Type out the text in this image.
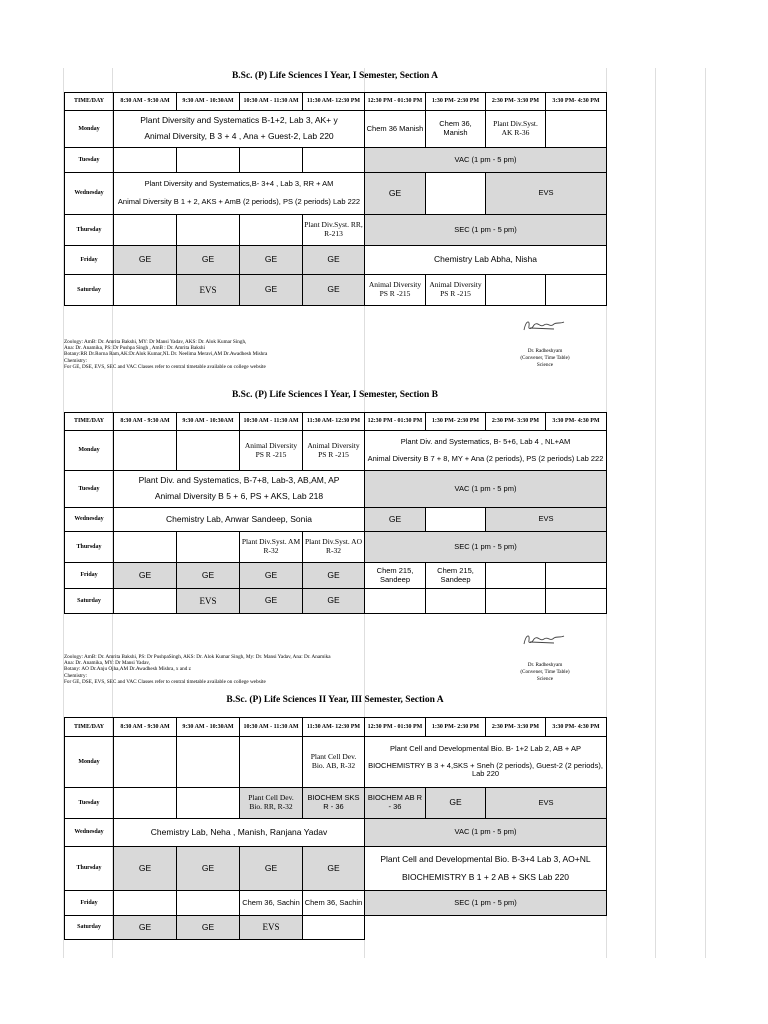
B.Sc. (P) Life Sciences I Year, I Semester, Section A
TIME/DAY	8:30 AM - 9:30 AM	9:30 AM - 10:30AM	10:30 AM - 11:30 AM	11:30 AM- 12:30 PM	12:30 PM - 01:30 PM	1:30 PM- 2:30 PM	2:30 PM- 3:30 PM	3:30 PM- 4:30 PM
Monday	Plant Diversity and Systematics B-1+2, Lab 3, AK+ y
Animal Diversity, B 3 + 4 , Ana + Guest-2, Lab 220				Chem 36 Manish	Chem 36, Manish	Plant Div.Syst. AK R-36	
Tuesday					VAC (1 pm - 5 pm)			
Wednesday	Plant Diversity and Systematics,B- 3+4 , Lab 3, RR + AM
Animal Diversity B 1 + 2, AKS + AmB (2 periods), PS (2 periods) Lab 222				GE		EVS	
Thursday				Plant Div.Syst. RR, R-213	SEC (1 pm - 5 pm)			
Friday	GE	GE	GE	GE	Chemistry Lab Abha, Nisha			
Saturday		EVS	GE	GE	Animal Diversity PS R -215	Animal Diversity PS R -215		
Zoology: AmB: Dr. Amrita Bakshi, MY: Dr Mansi Yadav, AKS: Dr. Alok Kumar Singh,
Ana: Dr. Anamika, PS: Dr Pushpa Singh , AmB : Dr. Amrita Bakshi
Botany:RR Dr.Rorna Ram,AK:Dr.Alok Kumar,NL Dr. Neelima Meravi,AM Dr.Awadhesh Mishra
Chemistry:
For GE, DSE, EVS, SEC and VAC Classes refer to central timetable available on college website
Dr. Radheshyam
(Convener, Time Table)
Science
B.Sc. (P) Life Sciences I Year, I Semester, Section B
TIME/DAY	8:30 AM - 9:30 AM	9:30 AM - 10:30AM	10:30 AM - 11:30 AM	11:30 AM- 12:30 PM	12:30 PM - 01:30 PM	1:30 PM- 2:30 PM	2:30 PM- 3:30 PM	3:30 PM- 4:30 PM
Monday			Animal Diversity PS R -215	Animal Diversity PS R -215	Plant Div. and Systematics, B- 5+6, Lab 4 , NL+AM
Animal Diversity B 7 + 8, MY + Ana (2 periods), PS (2 periods) Lab 222			

Tuesday	Plant Div. and Systematics, B-7+8, Lab-3, AB,AM, AP
Animal Diversity B 5 + 6, PS + AKS, Lab 218				VAC (1 pm - 5 pm)			
Wednesday	Chemistry Lab, Anwar Sandeep, Sonia				GE		EVS	
Thursday			Plant Div.Syst. AM R-32	Plant Div.Syst. AO R-32	SEC (1 pm - 5 pm)			
Friday	GE	GE	GE	GE	Chem 215, Sandeep	Chem 215, Sandeep		
Saturday		EVS	GE	GE				
Zoology: AmB: Dr. Amrita Bakshi, PS: Dr PushpaSingh, AKS: Dr. Alok Kumar Singh, My: Dr. Mansi Yadav, Ana: Dr. Anamika
Ana: Dr. Anamika, MY: Dr Mansi Yadav,
Botany: AO Dr.Anju Ojha,AM Dr.Awadhesh Mishra, x and z
Chemistry:
For GE, DSE, EVS, SEC and VAC Classes refer to central timetable available on college website
Dr. Radheshyam
(Convener, Time Table)
Science
B.Sc. (P) Life Sciences II Year, III Semester, Section A
TIME/DAY	8:30 AM - 9:30 AM	9:30 AM - 10:30AM	10:30 AM - 11:30 AM	11:30 AM- 12:30 PM	12:30 PM - 01:30 PM	1:30 PM- 2:30 PM	2:30 PM- 3:30 PM	3:30 PM- 4:30 PM
Monday				Plant Cell Dev. Bio. AB, R-32	Plant Cell and Developmental Bio. B- 1+2 Lab 2, AB + AP
BIOCHEMISTRY B 3 + 4,SKS + Sneh (2 periods), Guest-2 (2 periods), Lab 220			

Tuesday			Plant Cell Dev. Bio. RR, R-32	BIOCHEM SKS R - 36	BIOCHEM AB R - 36	GE	EVS	
Wednesday	Chemistry Lab, Neha , Manish, Ranjana Yadav				VAC (1 pm - 5 pm)			
Thursday	GE	GE	GE	GE	Plant Cell and Developmental Bio. B-3+4 Lab 3, AO+NL
BIOCHEMISTRY B 1 + 2 AB + SKS Lab 220			

Friday			Chem 36, Sachin	Chem 36, Sachin	SEC (1 pm - 5 pm)			
Saturday	GE	GE	EVS					
